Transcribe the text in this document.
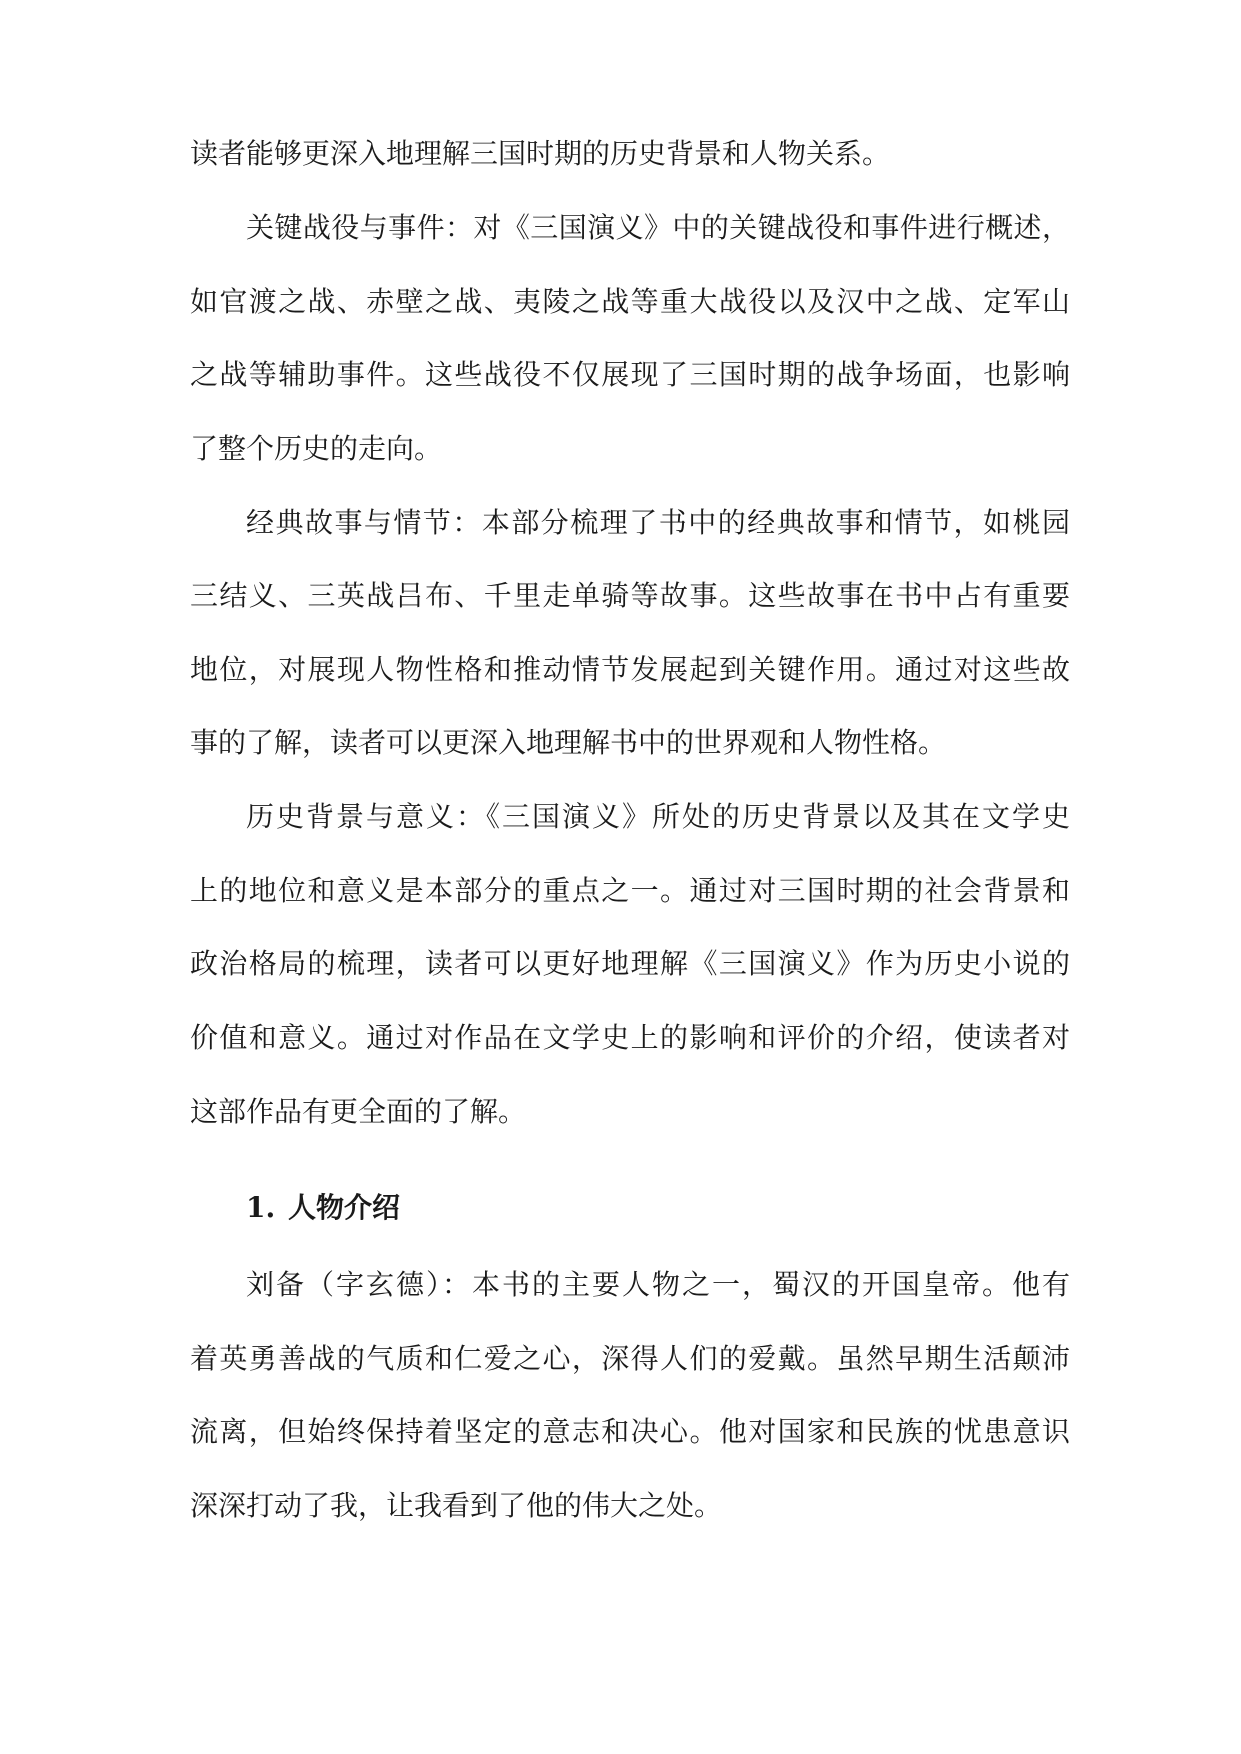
读者能够更深入地理解三国时期的历史背景和人物关系。
关键战役与事件：对《三国演义》中的关键战役和事件进行概述，
如官渡之战、赤壁之战、夷陵之战等重大战役以及汉中之战、定军山
之战等辅助事件。这些战役不仅展现了三国时期的战争场面，也影响
了整个历史的走向。
经典故事与情节：本部分梳理了书中的经典故事和情节，如桃园
三结义、三英战吕布、千里走单骑等故事。这些故事在书中占有重要
地位，对展现人物性格和推动情节发展起到关键作用。通过对这些故
事的了解，读者可以更深入地理解书中的世界观和人物性格。
历史背景与意义：《三国演义》所处的历史背景以及其在文学史
上的地位和意义是本部分的重点之一。通过对三国时期的社会背景和
政治格局的梳理，读者可以更好地理解《三国演义》作为历史小说的
价值和意义。通过对作品在文学史上的影响和评价的介绍，使读者对
这部作品有更全面的了解。
1. 人物介绍
刘备（字玄德）：本书的主要人物之一，蜀汉的开国皇帝。他有
着英勇善战的气质和仁爱之心，深得人们的爱戴。虽然早期生活颠沛
流离，但始终保持着坚定的意志和决心。他对国家和民族的忧患意识
深深打动了我，让我看到了他的伟大之处。
